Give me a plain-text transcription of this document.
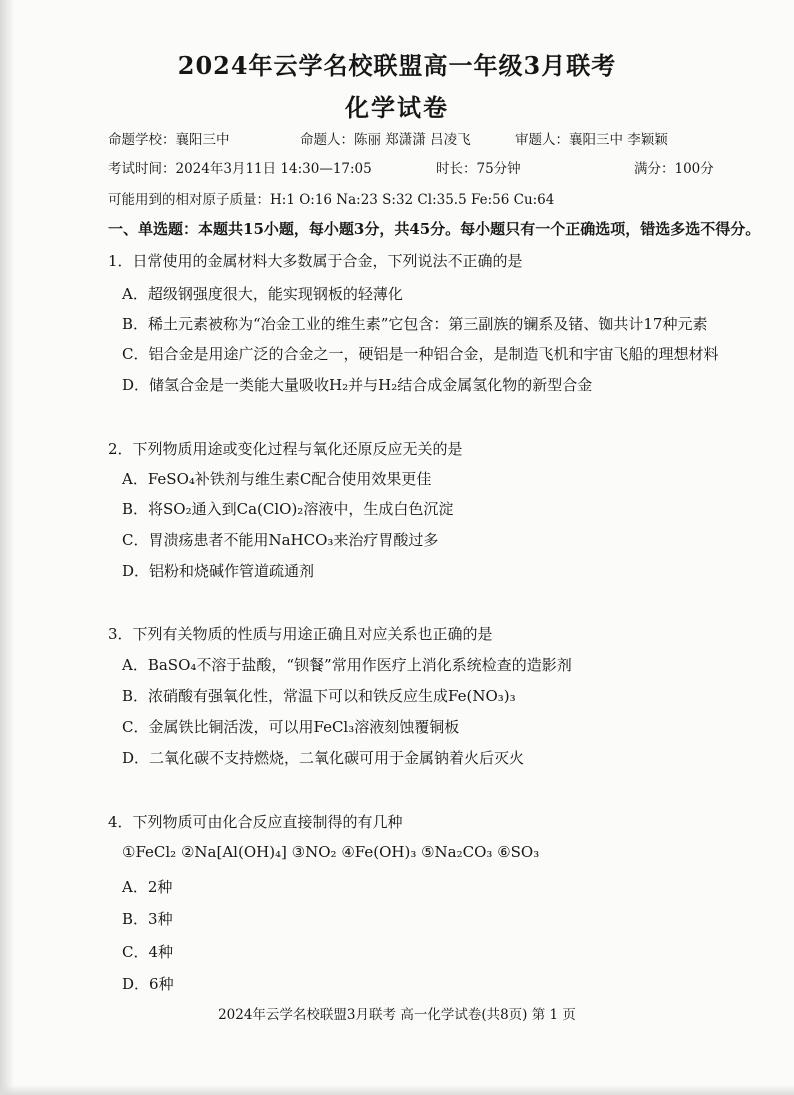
2024年云学名校联盟高一年级3月联考
化学试卷
命题学校：襄阳三中	命题人：陈丽 郑潇潇 吕凌飞	审题人：襄阳三中 李颖颖
考试时间：2024年3月11日 14:30—17:05	时长：75分钟	满分：100分
可能用到的相对原子质量：H:1 O:16 Na:23 S:32 Cl:35.5 Fe:56 Cu:64
一、单选题：本题共15小题，每小题3分，共45分。每小题只有一个正确选项，错选多选不得分。
1．日常使用的金属材料大多数属于合金，下列说法不正确的是
A．超级钢强度很大，能实现钢板的轻薄化
B．稀土元素被称为“冶金工业的维生素”它包含：第三副族的镧系及锗、铷共计17种元素
C．铝合金是用途广泛的合金之一，硬铝是一种铝合金，是制造飞机和宇宙飞船的理想材料
D．储氢合金是一类能大量吸收H₂并与H₂结合成金属氢化物的新型合金
2．下列物质用途或变化过程与氧化还原反应无关的是
A．FeSO₄补铁剂与维生素C配合使用效果更佳
B．将SO₂通入到Ca(ClO)₂溶液中，生成白色沉淀
C．胃溃疡患者不能用NaHCO₃来治疗胃酸过多
D．铝粉和烧碱作管道疏通剂
3．下列有关物质的性质与用途正确且对应关系也正确的是
A．BaSO₄不溶于盐酸，“钡餐”常用作医疗上消化系统检查的造影剂
B．浓硝酸有强氧化性，常温下可以和铁反应生成Fe(NO₃)₃
C．金属铁比铜活泼，可以用FeCl₃溶液刻蚀覆铜板
D．二氧化碳不支持燃烧，二氧化碳可用于金属钠着火后灭火
4．下列物质可由化合反应直接制得的有几种
①FeCl₂ ②Na[Al(OH)₄] ③NO₂ ④Fe(OH)₃ ⑤Na₂CO₃ ⑥SO₃
A．2种
B．3种
C．4种
D．6种
2024年云学名校联盟3月联考 高一化学试卷(共8页) 第 1 页
